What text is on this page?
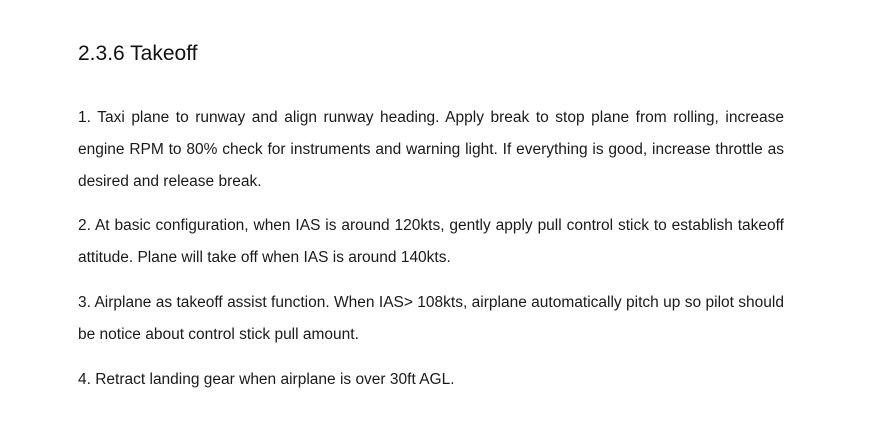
2.3.6 Takeoff

1. Taxi plane to runway and align runway heading. Apply break to stop plane from rolling, increase engine RPM to 80% check for instruments and warning light. If everything is good, increase throttle as desired and release break.

2. At basic configuration, when IAS is around 120kts, gently apply pull control stick to establish takeoff attitude. Plane will take off when IAS is around 140kts.

3. Airplane as takeoff assist function. When IAS> 108kts, airplane automatically pitch up so pilot should be notice about control stick pull amount.

4. Retract landing gear when airplane is over 30ft AGL.
